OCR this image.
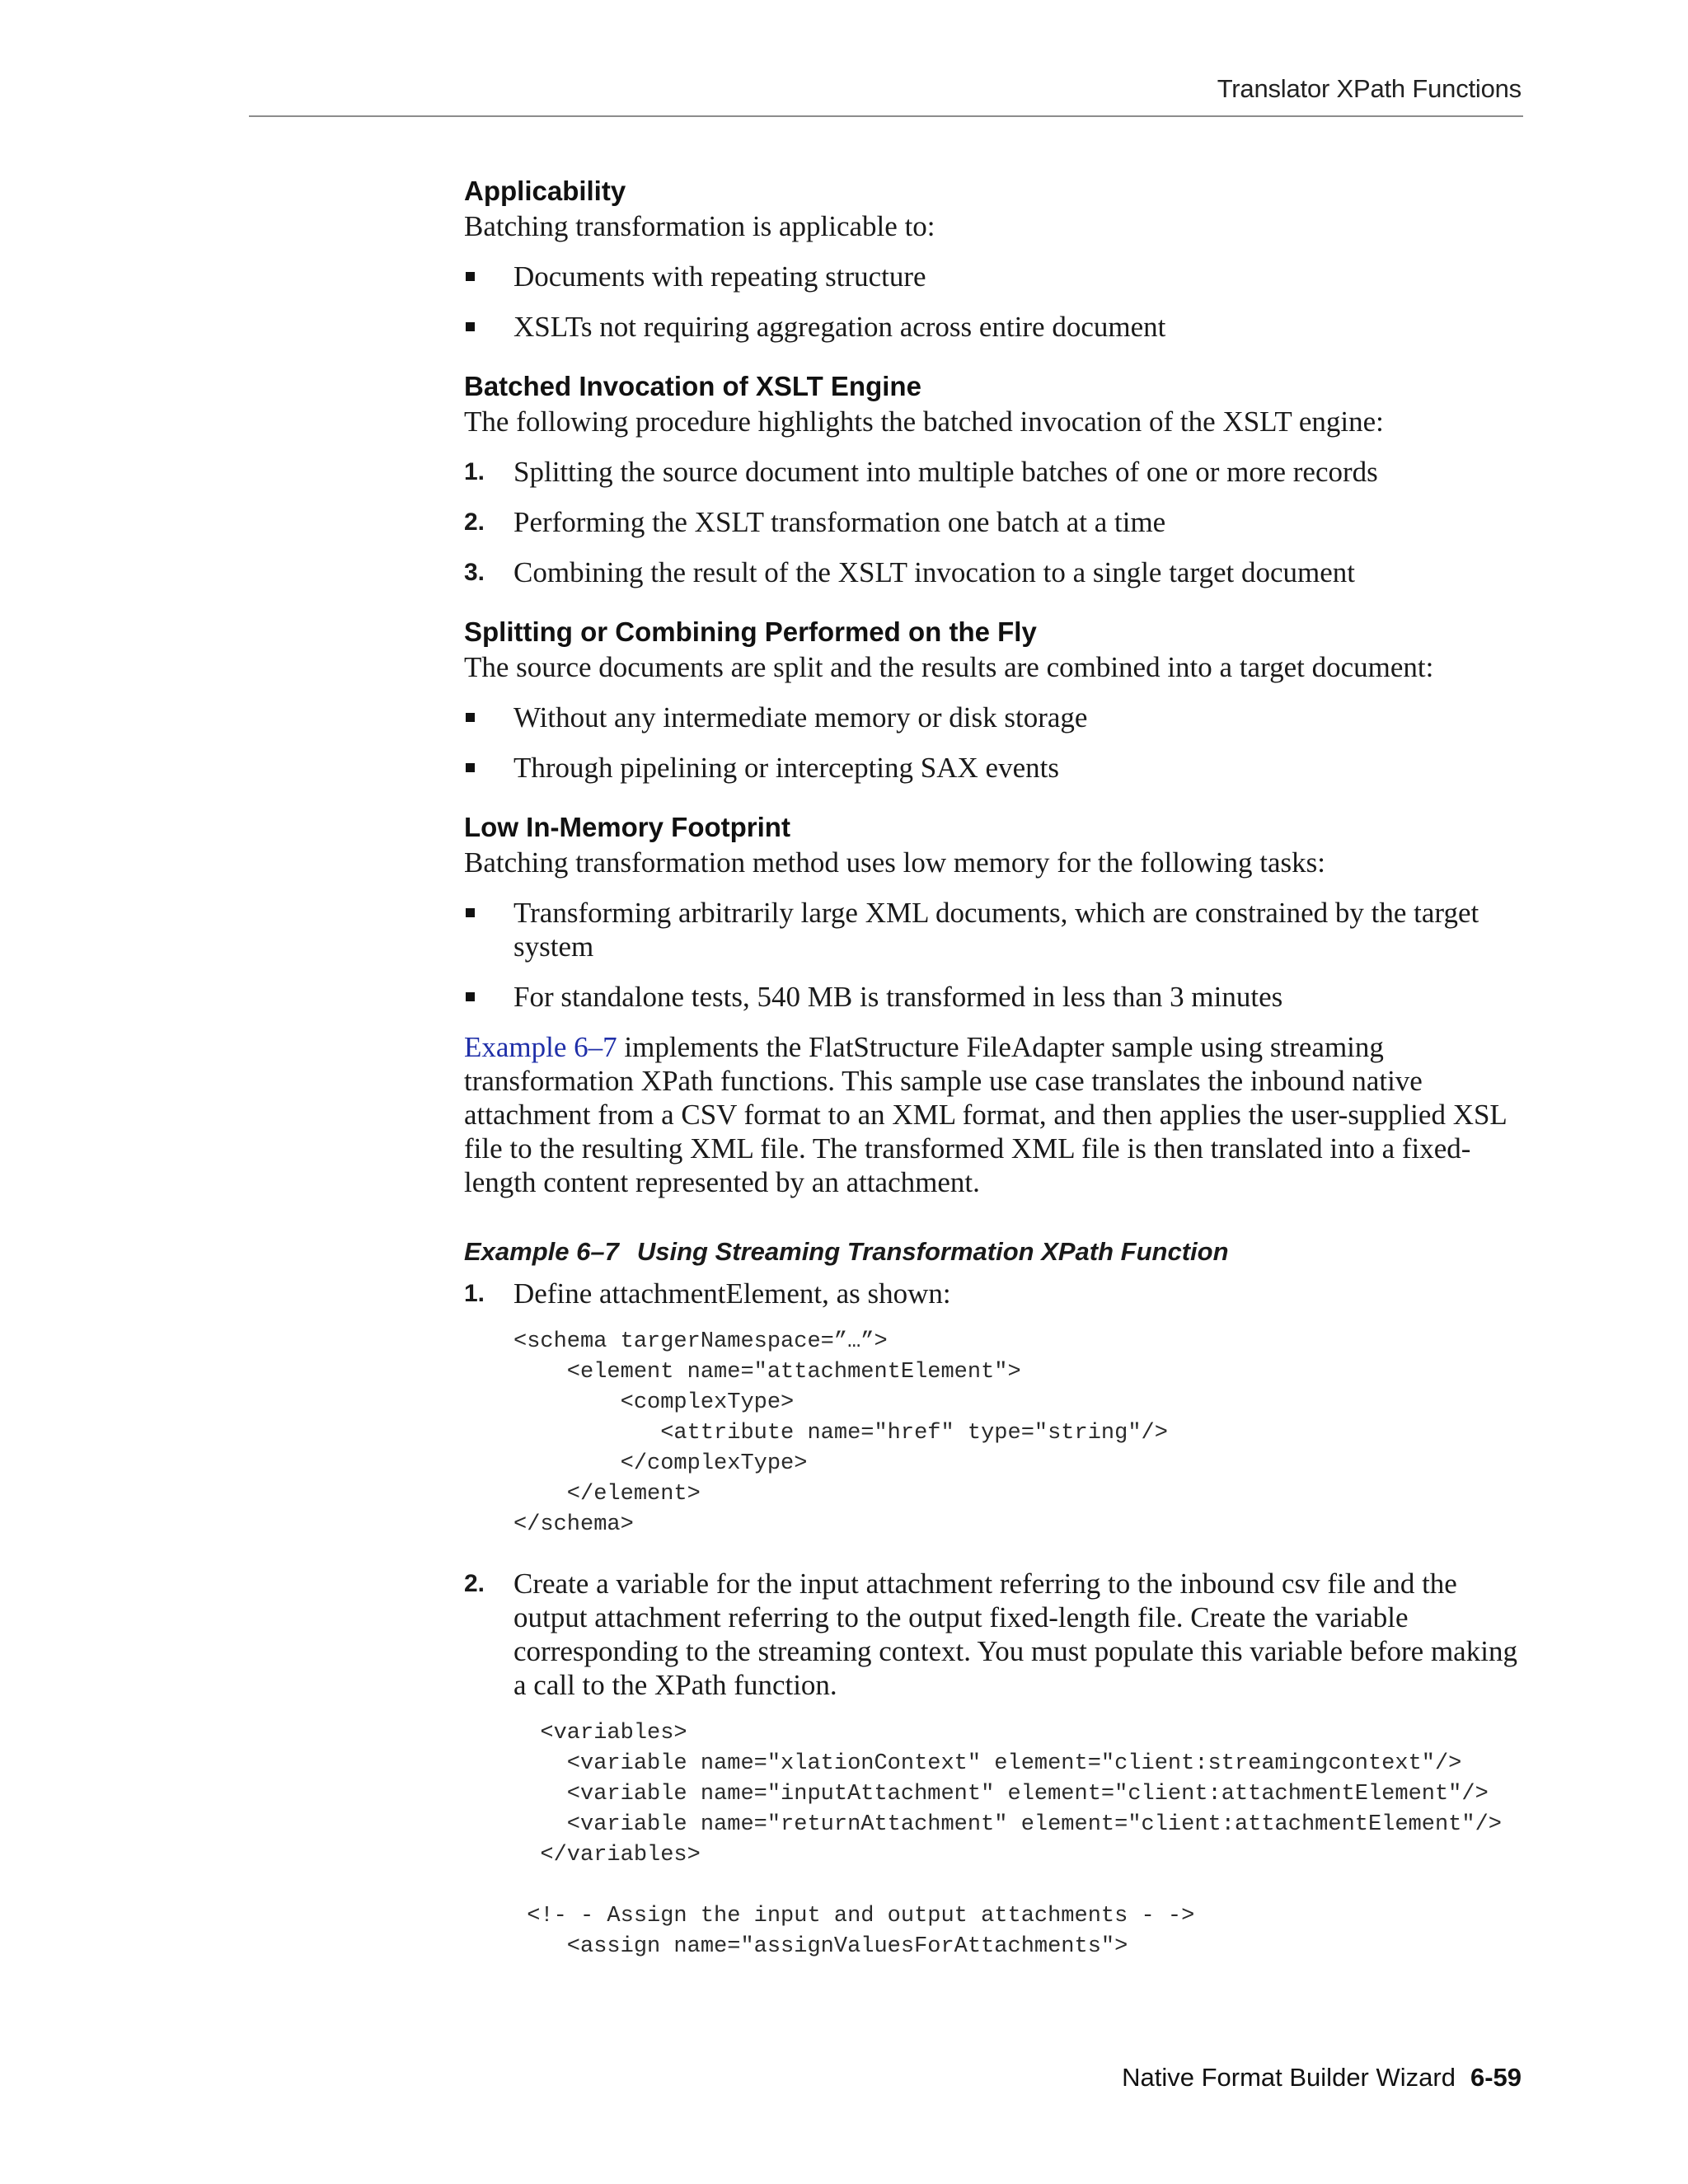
Translator XPath Functions
Applicability

Batching transformation is applicable to:

Documents with repeating structure
XSLTs not requiring aggregation across entire document
Batched Invocation of XSLT Engine

The following procedure highlights the batched invocation of the XSLT engine:

1. Splitting the source document into multiple batches of one or more records
2. Performing the XSLT transformation one batch at a time
3. Combining the result of the XSLT invocation to a single target document
Splitting or Combining Performed on the Fly

The source documents are split and the results are combined into a target document:

Without any intermediate memory or disk storage
Through pipelining or intercepting SAX events
Low In-Memory Footprint

Batching transformation method uses low memory for the following tasks:

Transforming arbitrarily large XML documents, which are constrained by the target system
For standalone tests, 540 MB is transformed in less than 3 minutes

Example 6–7 implements the FlatStructure FileAdapter sample using streaming transformation XPath functions. This sample use case translates the inbound native attachment from a CSV format to an XML format, and then applies the user-supplied XSL file to the resulting XML file. The transformed XML file is then translated into a fixed-length content represented by an attachment.

Example 6–7 Using Streaming Transformation XPath Function

1. Define attachmentElement, as shown:
<schema targerNamespace=”…”>
<element name="attachmentElement">
<complexType>
<attribute name="href" type="string"/>
</complexType>
</element>
</schema>
2. Create a variable for the input attachment referring to the inbound csv file and the output attachment referring to the output fixed-length file. Create the variable corresponding to the streaming context. You must populate this variable before making a call to the XPath function.
<variables>
<variable name="xlationContext" element="client:streamingcontext"/>
<variable name="inputAttachment" element="client:attachmentElement"/>
<variable name="returnAttachment" element="client:attachmentElement"/>
</variables>

<!- - Assign the input and output attachments - ->
<assign name="assignValuesForAttachments">
Native Format Builder Wizard 6-59
